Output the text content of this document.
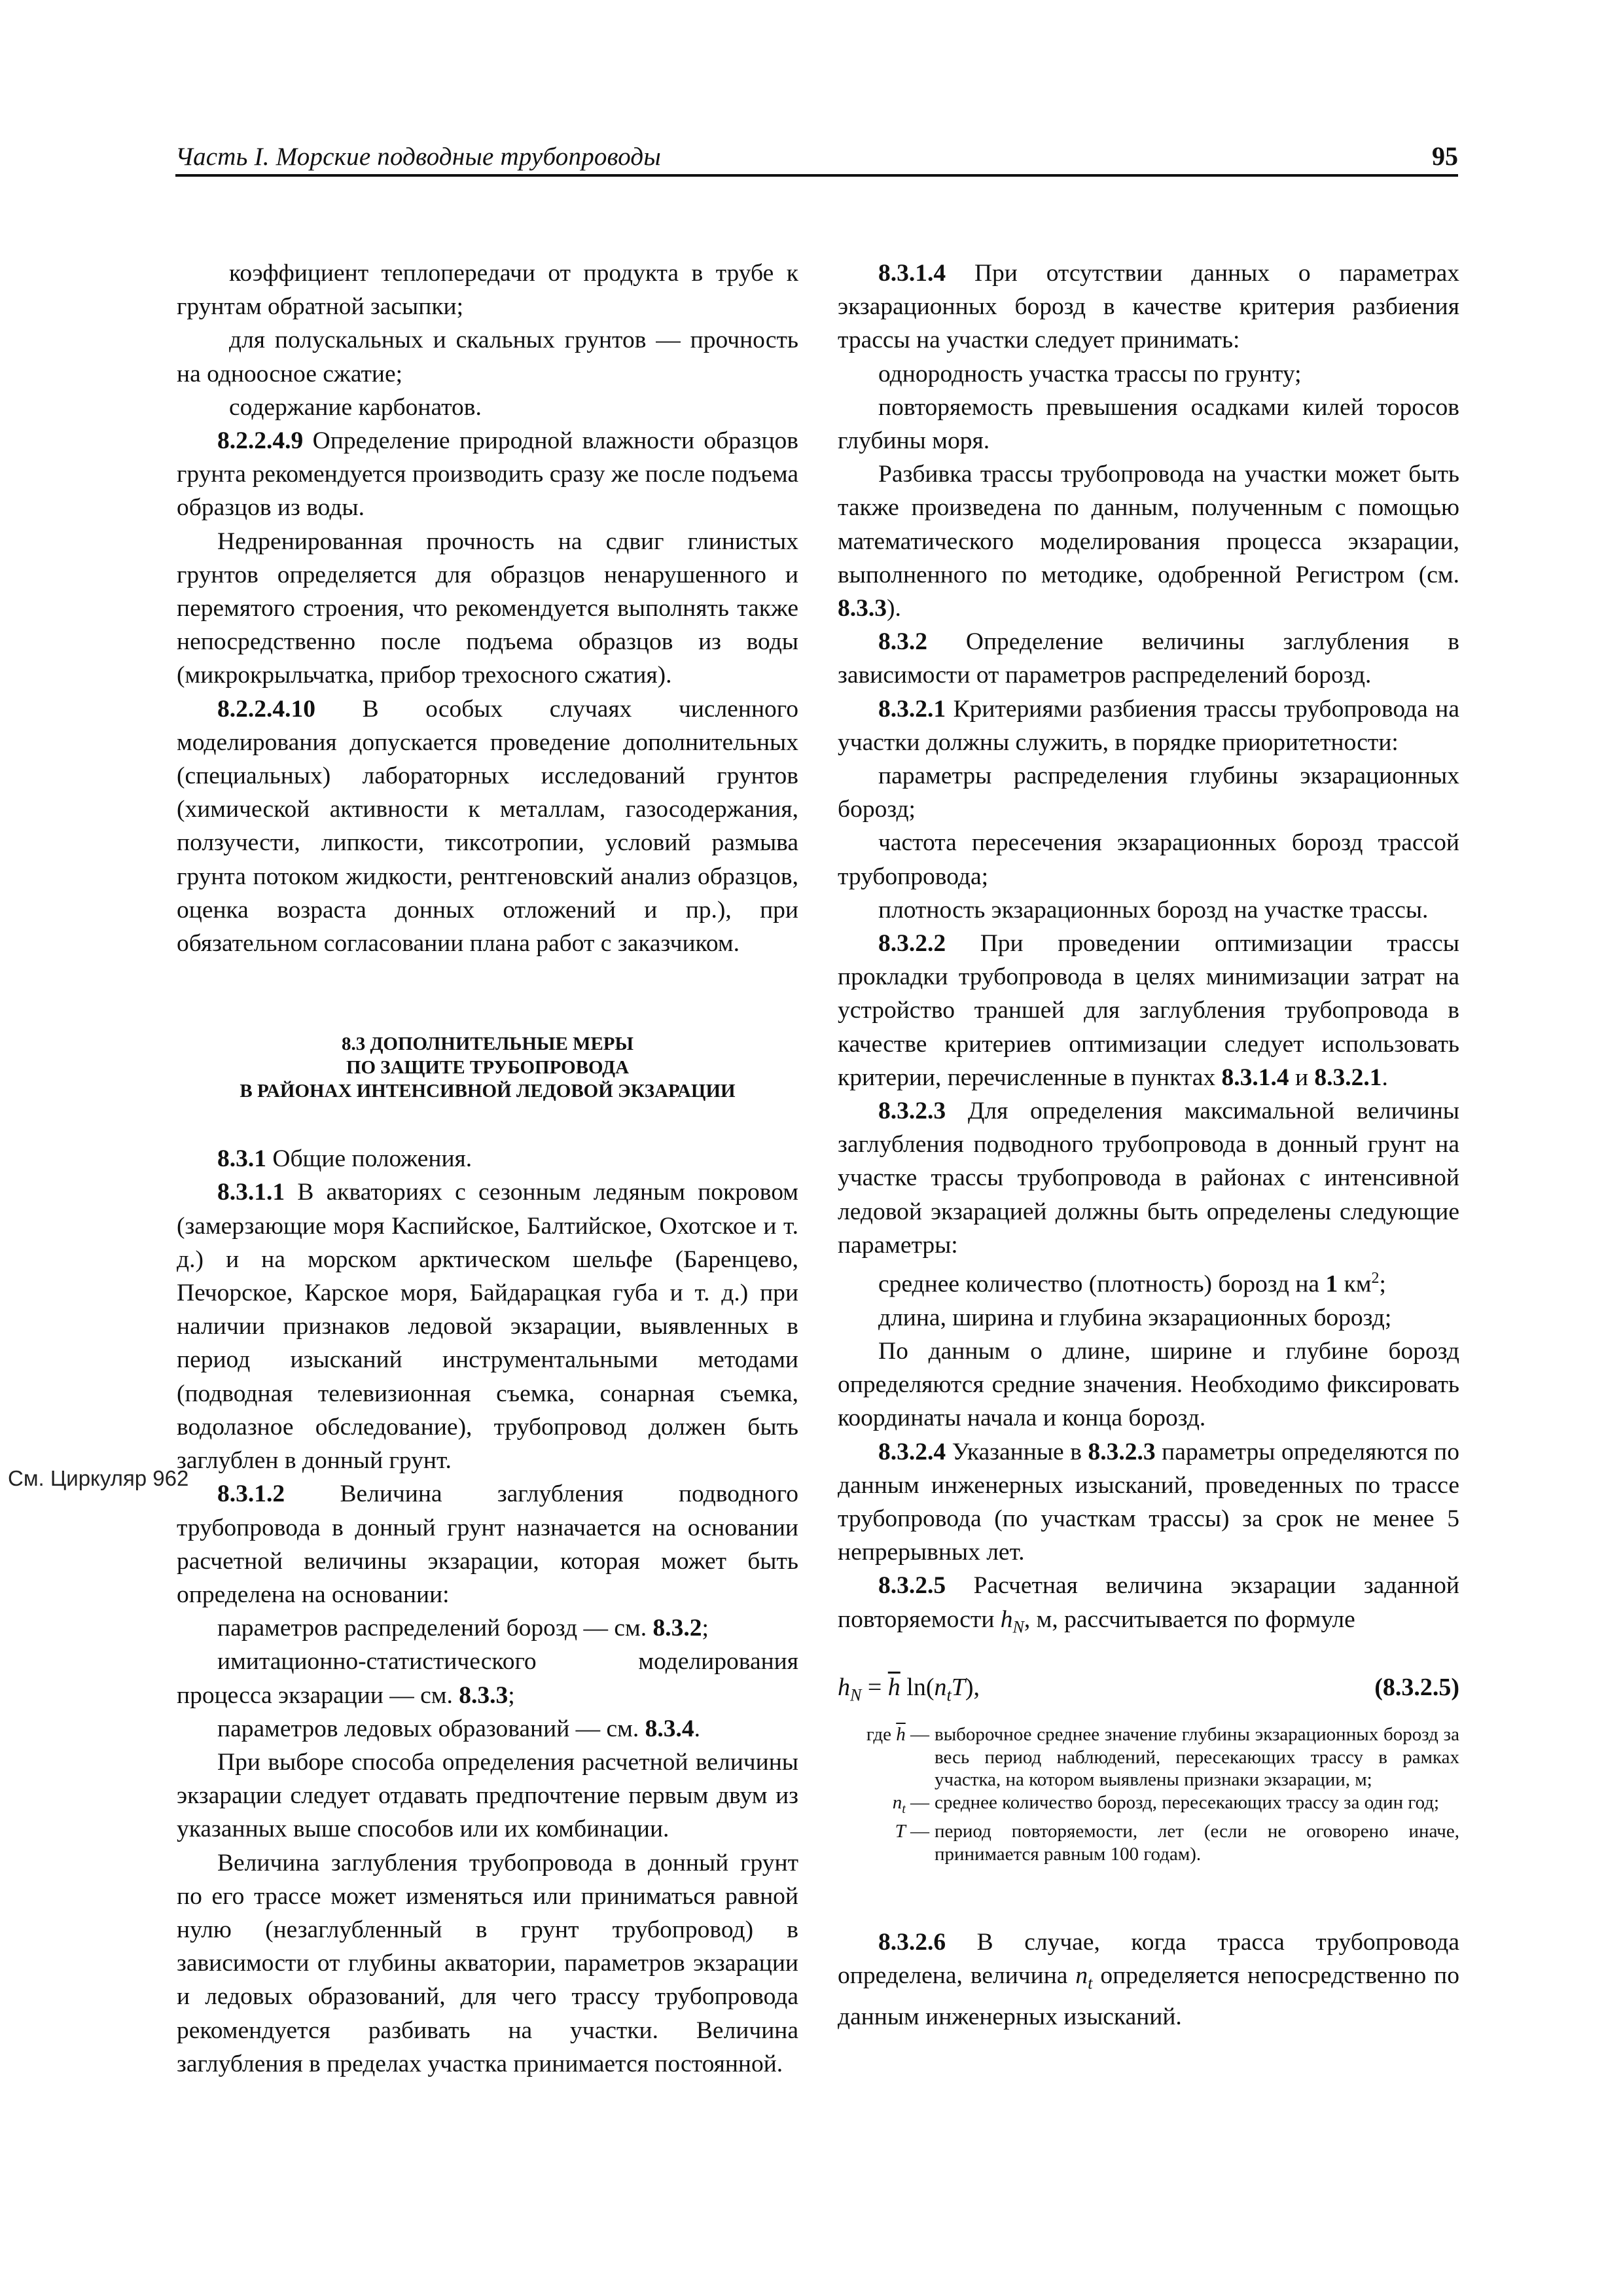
Часть I. Морские подводные трубопроводы	95
См. Циркуляр 962

коэффициент теплопередачи от продукта в трубе к грунтам обратной засыпки;

для полускальных и скальных грунтов — прочность на одноосное сжатие;

содержание карбонатов.

8.2.2.4.9 Определение природной влажности образцов грунта рекомендуется производить сразу же после подъема образцов из воды.

Недренированная прочность на сдвиг глинистых грунтов определяется для образцов ненарушенного и перемятого строения, что рекомендуется выполнять также непосредственно после подъема образцов из воды (микрокрыльчатка, прибор трехосного сжатия).

8.2.2.4.10 В особых случаях численного моделирования допускается проведение дополнительных (специальных) лабораторных исследований грунтов (химической активности к металлам, газосодержания, ползучести, липкости, тиксотропии, условий размыва грунта потоком жидкости, рентгеновский анализ образцов, оценка возраста донных отложений и пр.), при обязательном согласовании плана работ с заказчиком.

8.3 ДОПОЛНИТЕЛЬНЫЕ МЕРЫ
ПО ЗАЩИТЕ ТРУБОПРОВОДА
В РАЙОНАХ ИНТЕНСИВНОЙ ЛЕДОВОЙ ЭКЗАРАЦИИ

8.3.1 Общие положения.

8.3.1.1 В акваториях с сезонным ледяным покровом (замерзающие моря Каспийское, Балтийское, Охотское и т. д.) и на морском арктическом шельфе (Баренцево, Печорское, Карское моря, Байдарацкая губа и т. д.) при наличии признаков ледовой экзарации, выявленных в период изысканий инструментальными методами (подводная телевизионная съемка, сонарная съемка, водолазное обследование), трубопровод должен быть заглублен в донный грунт.

8.3.1.2 Величина заглубления подводного трубопровода в донный грунт назначается на основании расчетной величины экзарации, которая может быть определена на основании:

параметров распределений борозд — см. 8.3.2;

имитационно-статистического моделирования процесса экзарации — см. 8.3.3;

параметров ледовых образований — см. 8.3.4.

При выборе способа определения расчетной величины экзарации следует отдавать предпочтение первым двум из указанных выше способов или их комбинации.

Величина заглубления трубопровода в донный грунт по его трассе может изменяться или приниматься равной нулю (незаглубленный в грунт трубопровод) в зависимости от глубины акватории, параметров экзарации и ледовых образований, для чего трассу трубопровода рекомендуется разбивать на участки. Величина заглубления в пределах участка принимается постоянной.

8.3.1.4 При отсутствии данных о параметрах экзарационных борозд в качестве критерия разбиения трассы на участки следует принимать:

однородность участка трассы по грунту;

повторяемость превышения осадками килей торосов глубины моря.

Разбивка трассы трубопровода на участки может быть также произведена по данным, полученным с помощью математического моделирования процесса экзарации, выполненного по методике, одобренной Регистром (см. 8.3.3).

8.3.2 Определение величины заглубления в зависимости от параметров распределений борозд.

8.3.2.1 Критериями разбиения трассы трубопровода на участки должны служить, в порядке приоритетности:

параметры распределения глубины экзарационных борозд;

частота пересечения экзарационных борозд трассой трубопровода;

плотность экзарационных борозд на участке трассы.

8.3.2.2 При проведении оптимизации трассы прокладки трубопровода в целях минимизации затрат на устройство траншей для заглубления трубопровода в качестве критериев оптимизации следует использовать критерии, перечисленные в пунктах 8.3.1.4 и 8.3.2.1.

8.3.2.3 Для определения максимальной величины заглубления подводного трубопровода в донный грунт на участке трассы трубопровода в районах с интенсивной ледовой экзарацией должны быть определены следующие параметры:

среднее количество (плотность) борозд на 1 $км^2$;

длина, ширина и глубина экзарационных борозд;

По данным о длине, ширине и глубине борозд определяются средние значения. Необходимо фиксировать координаты начала и конца борозд.

8.3.2.4 Указанные в 8.3.2.3 параметры определяются по данным инженерных изысканий, проведенных по трассе трубопровода (по участкам трассы) за срок не менее 5 непрерывных лет.

8.3.2.5 Расчетная величина экзарации заданной повторяемости $h_N$, м, рассчитывается по формуле

$h_N = \overline{h}$ $\ln(n_tT)$,	(8.3.2.5)
где $\overline{h}$ — выборочное среднее значение глубины экзарационных борозд за весь период наблюдений, пересекающих трассу в рамках участка, на котором выявлены признаки экзарации, м;
$n_t$ — среднее количество борозд, пересекающих трассу за один год;
T — период повторяемости, лет (если не оговорено иначе, принимается равным 100 годам).

8.3.2.6 В случае, когда трасса трубопровода определена, величина $n_t$ определяется непосредственно по данным инженерных изысканий.
